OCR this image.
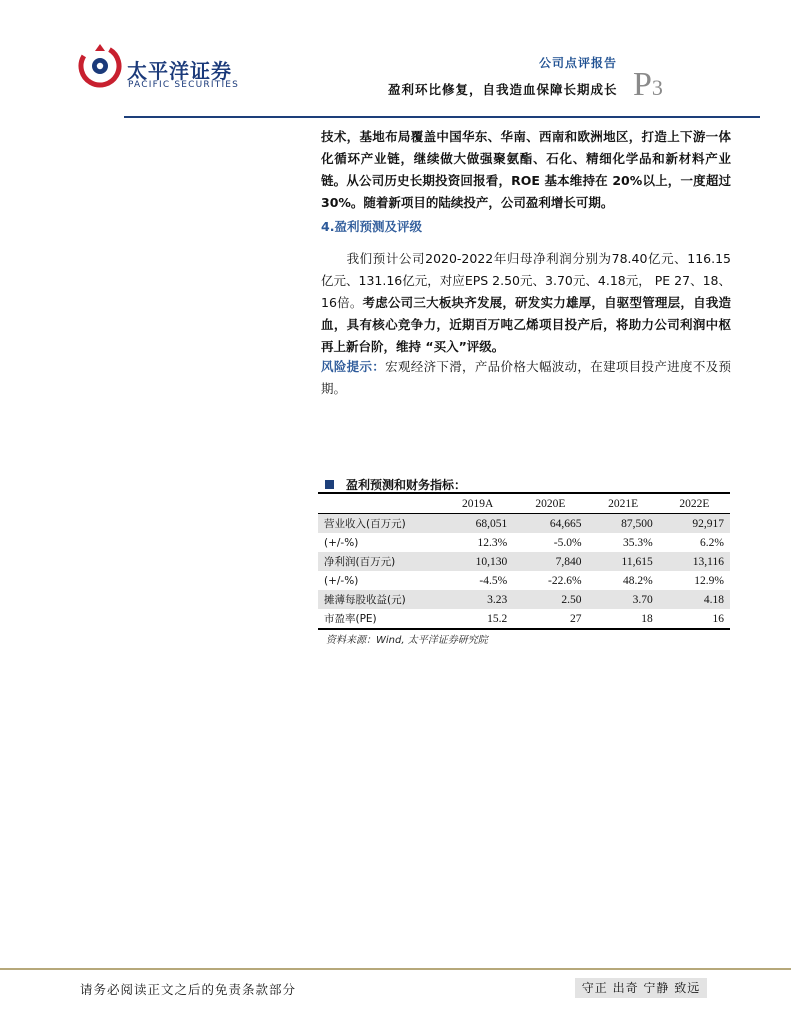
太平洋证券
PACIFIC SECURITIES
公司点评报告
盈利环比修复，自我造血保障长期成长 P3
技术，基地布局覆盖中国华东、华南、西南和欧洲地区，打造上下游一体化循环产业链，继续做大做强聚氨酯、石化、精细化学品和新材料产业链。从公司历史长期投资回报看，ROE 基本维持在 20%以上，一度超过 30%。随着新项目的陆续投产，公司盈利增长可期。
4.盈利预测及评级
我们预计公司2020-2022年归母净利润分别为78.40亿元、116.15亿元、131.16亿元，对应EPS 2.50元、3.70元、4.18元， PE 27、18、16倍。考虑公司三大板块齐发展，研发实力雄厚，自驱型管理层，自我造血，具有核心竞争力，近期百万吨乙烯项目投产后，将助力公司利润中枢再上新台阶，维持 “买入”评级。
风险提示：宏观经济下滑，产品价格大幅波动，在建项目投产进度不及预期。
盈利预测和财务指标：
	2019A	2020E	2021E	2022E
营业收入(百万元)	68,051	64,665	87,500	92,917
(+/-%)	12.3%	-5.0%	35.3%	6.2%
净利润(百万元)	10,130	7,840	11,615	13,116
(+/-%)	-4.5%	-22.6%	48.2%	12.9%
摊薄每股收益(元)	3.23	2.50	3.70	4.18
市盈率(PE)	15.2	27	18	16
资料来源：Wind, 太平洋证券研究院
请务必阅读正文之后的免责条款部分	守正 出奇 宁静 致远
